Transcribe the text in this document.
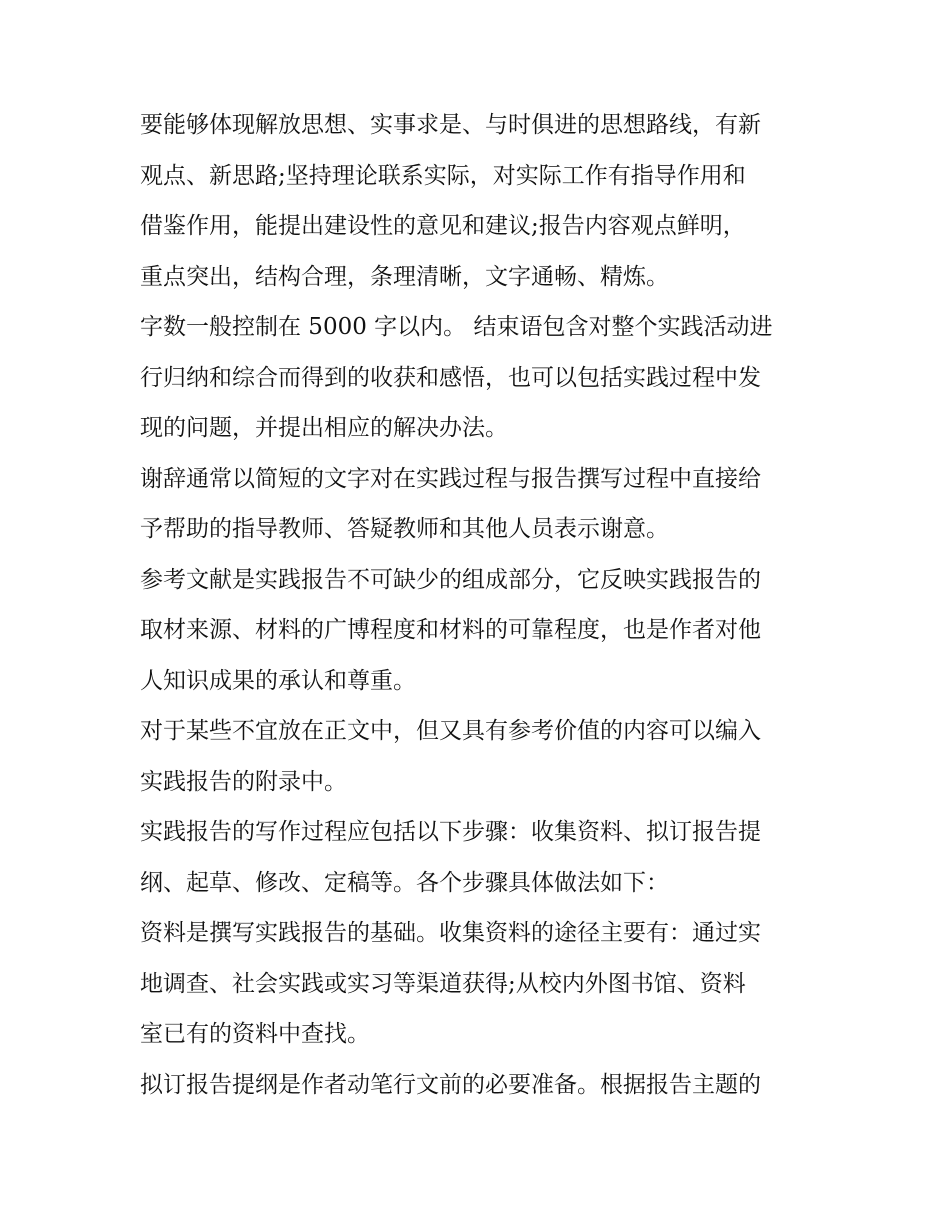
要能够体现解放思想、实事求是、与时俱进的思想路线，有新
观点、新思路;坚持理论联系实际，对实际工作有指导作用和
借鉴作用，能提出建设性的意见和建议;报告内容观点鲜明，
重点突出，结构合理，条理清晰，文字通畅、精炼。
字数一般控制在 5000 字以内。 结束语包含对整个实践活动进
行归纳和综合而得到的收获和感悟，也可以包括实践过程中发
现的问题，并提出相应的解决办法。
谢辞通常以简短的文字对在实践过程与报告撰写过程中直接给
予帮助的指导教师、答疑教师和其他人员表示谢意。
参考文献是实践报告不可缺少的组成部分，它反映实践报告的
取材来源、材料的广博程度和材料的可靠程度，也是作者对他
人知识成果的承认和尊重。
对于某些不宜放在正文中，但又具有参考价值的内容可以编入
实践报告的附录中。
实践报告的写作过程应包括以下步骤：收集资料、拟订报告提
纲、起草、修改、定稿等。各个步骤具体做法如下：
资料是撰写实践报告的基础。收集资料的途径主要有：通过实
地调查、社会实践或实习等渠道获得;从校内外图书馆、资料
室已有的资料中查找。
拟订报告提纲是作者动笔行文前的必要准备。根据报告主题的
